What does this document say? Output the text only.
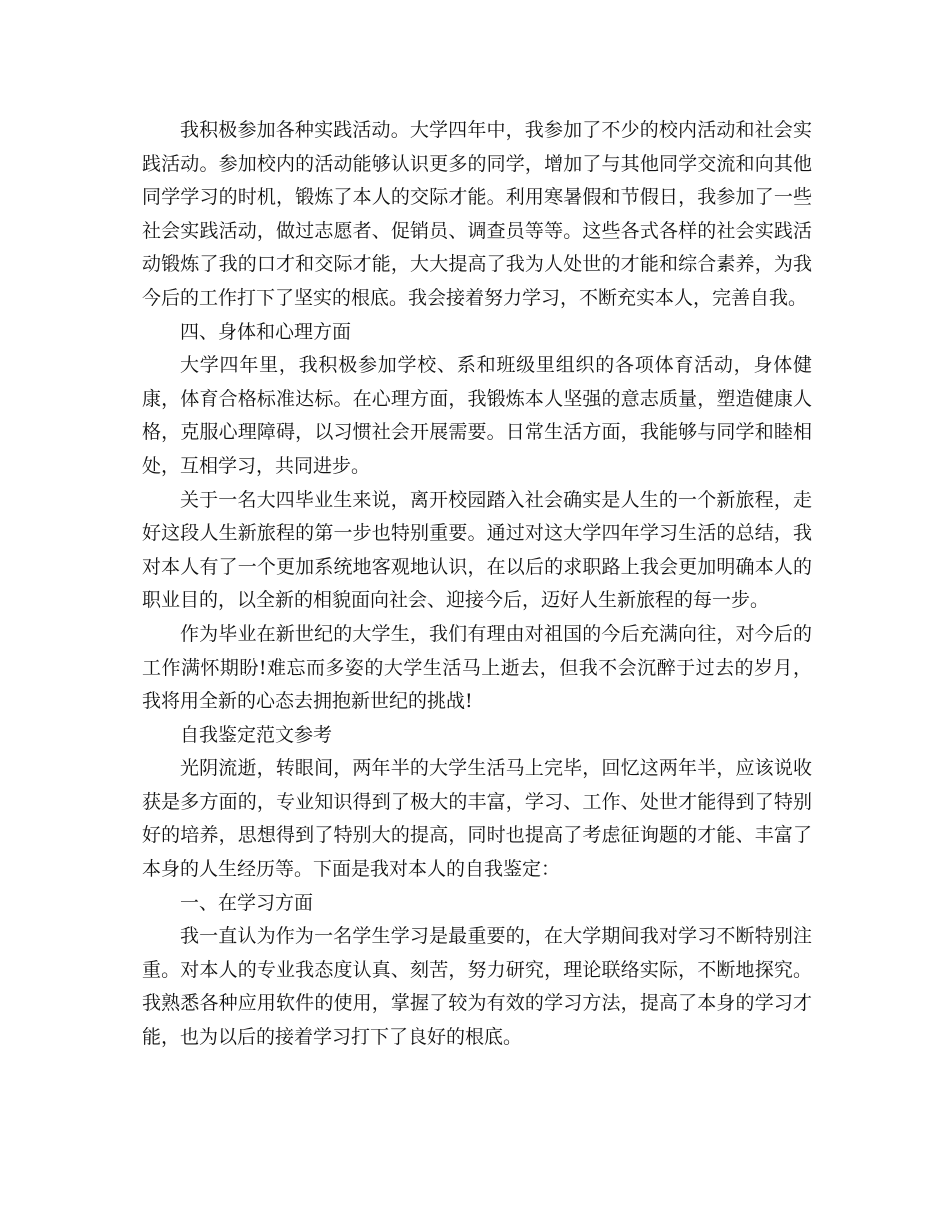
我积极参加各种实践活动。大学四年中，我参加了不少的校内活动和社会实践活动。参加校内的活动能够认识更多的同学，增加了与其他同学交流和向其他同学学习的时机，锻炼了本人的交际才能。利用寒暑假和节假日，我参加了一些社会实践活动，做过志愿者、促销员、调查员等等。这些各式各样的社会实践活动锻炼了我的口才和交际才能，大大提高了我为人处世的才能和综合素养，为我今后的工作打下了坚实的根底。我会接着努力学习，不断充实本人，完善自我。

四、身体和心理方面

大学四年里，我积极参加学校、系和班级里组织的各项体育活动，身体健康，体育合格标准达标。在心理方面，我锻炼本人坚强的意志质量，塑造健康人格，克服心理障碍，以习惯社会开展需要。日常生活方面，我能够与同学和睦相处，互相学习，共同进步。

关于一名大四毕业生来说，离开校园踏入社会确实是人生的一个新旅程，走好这段人生新旅程的第一步也特别重要。通过对这大学四年学习生活的总结，我对本人有了一个更加系统地客观地认识，在以后的求职路上我会更加明确本人的职业目的，以全新的相貌面向社会、迎接今后，迈好人生新旅程的每一步。

作为毕业在新世纪的大学生，我们有理由对祖国的今后充满向往，对今后的工作满怀期盼!难忘而多姿的大学生活马上逝去，但我不会沉醉于过去的岁月，我将用全新的心态去拥抱新世纪的挑战!

自我鉴定范文参考

光阴流逝，转眼间，两年半的大学生活马上完毕，回忆这两年半，应该说收获是多方面的，专业知识得到了极大的丰富，学习、工作、处世才能得到了特别好的培养，思想得到了特别大的提高，同时也提高了考虑征询题的才能、丰富了本身的人生经历等。下面是我对本人的自我鉴定：

一、在学习方面

我一直认为作为一名学生学习是最重要的，在大学期间我对学习不断特别注重。对本人的专业我态度认真、刻苦，努力研究，理论联络实际，不断地探究。我熟悉各种应用软件的使用，掌握了较为有效的学习方法，提高了本身的学习才能，也为以后的接着学习打下了良好的根底。
